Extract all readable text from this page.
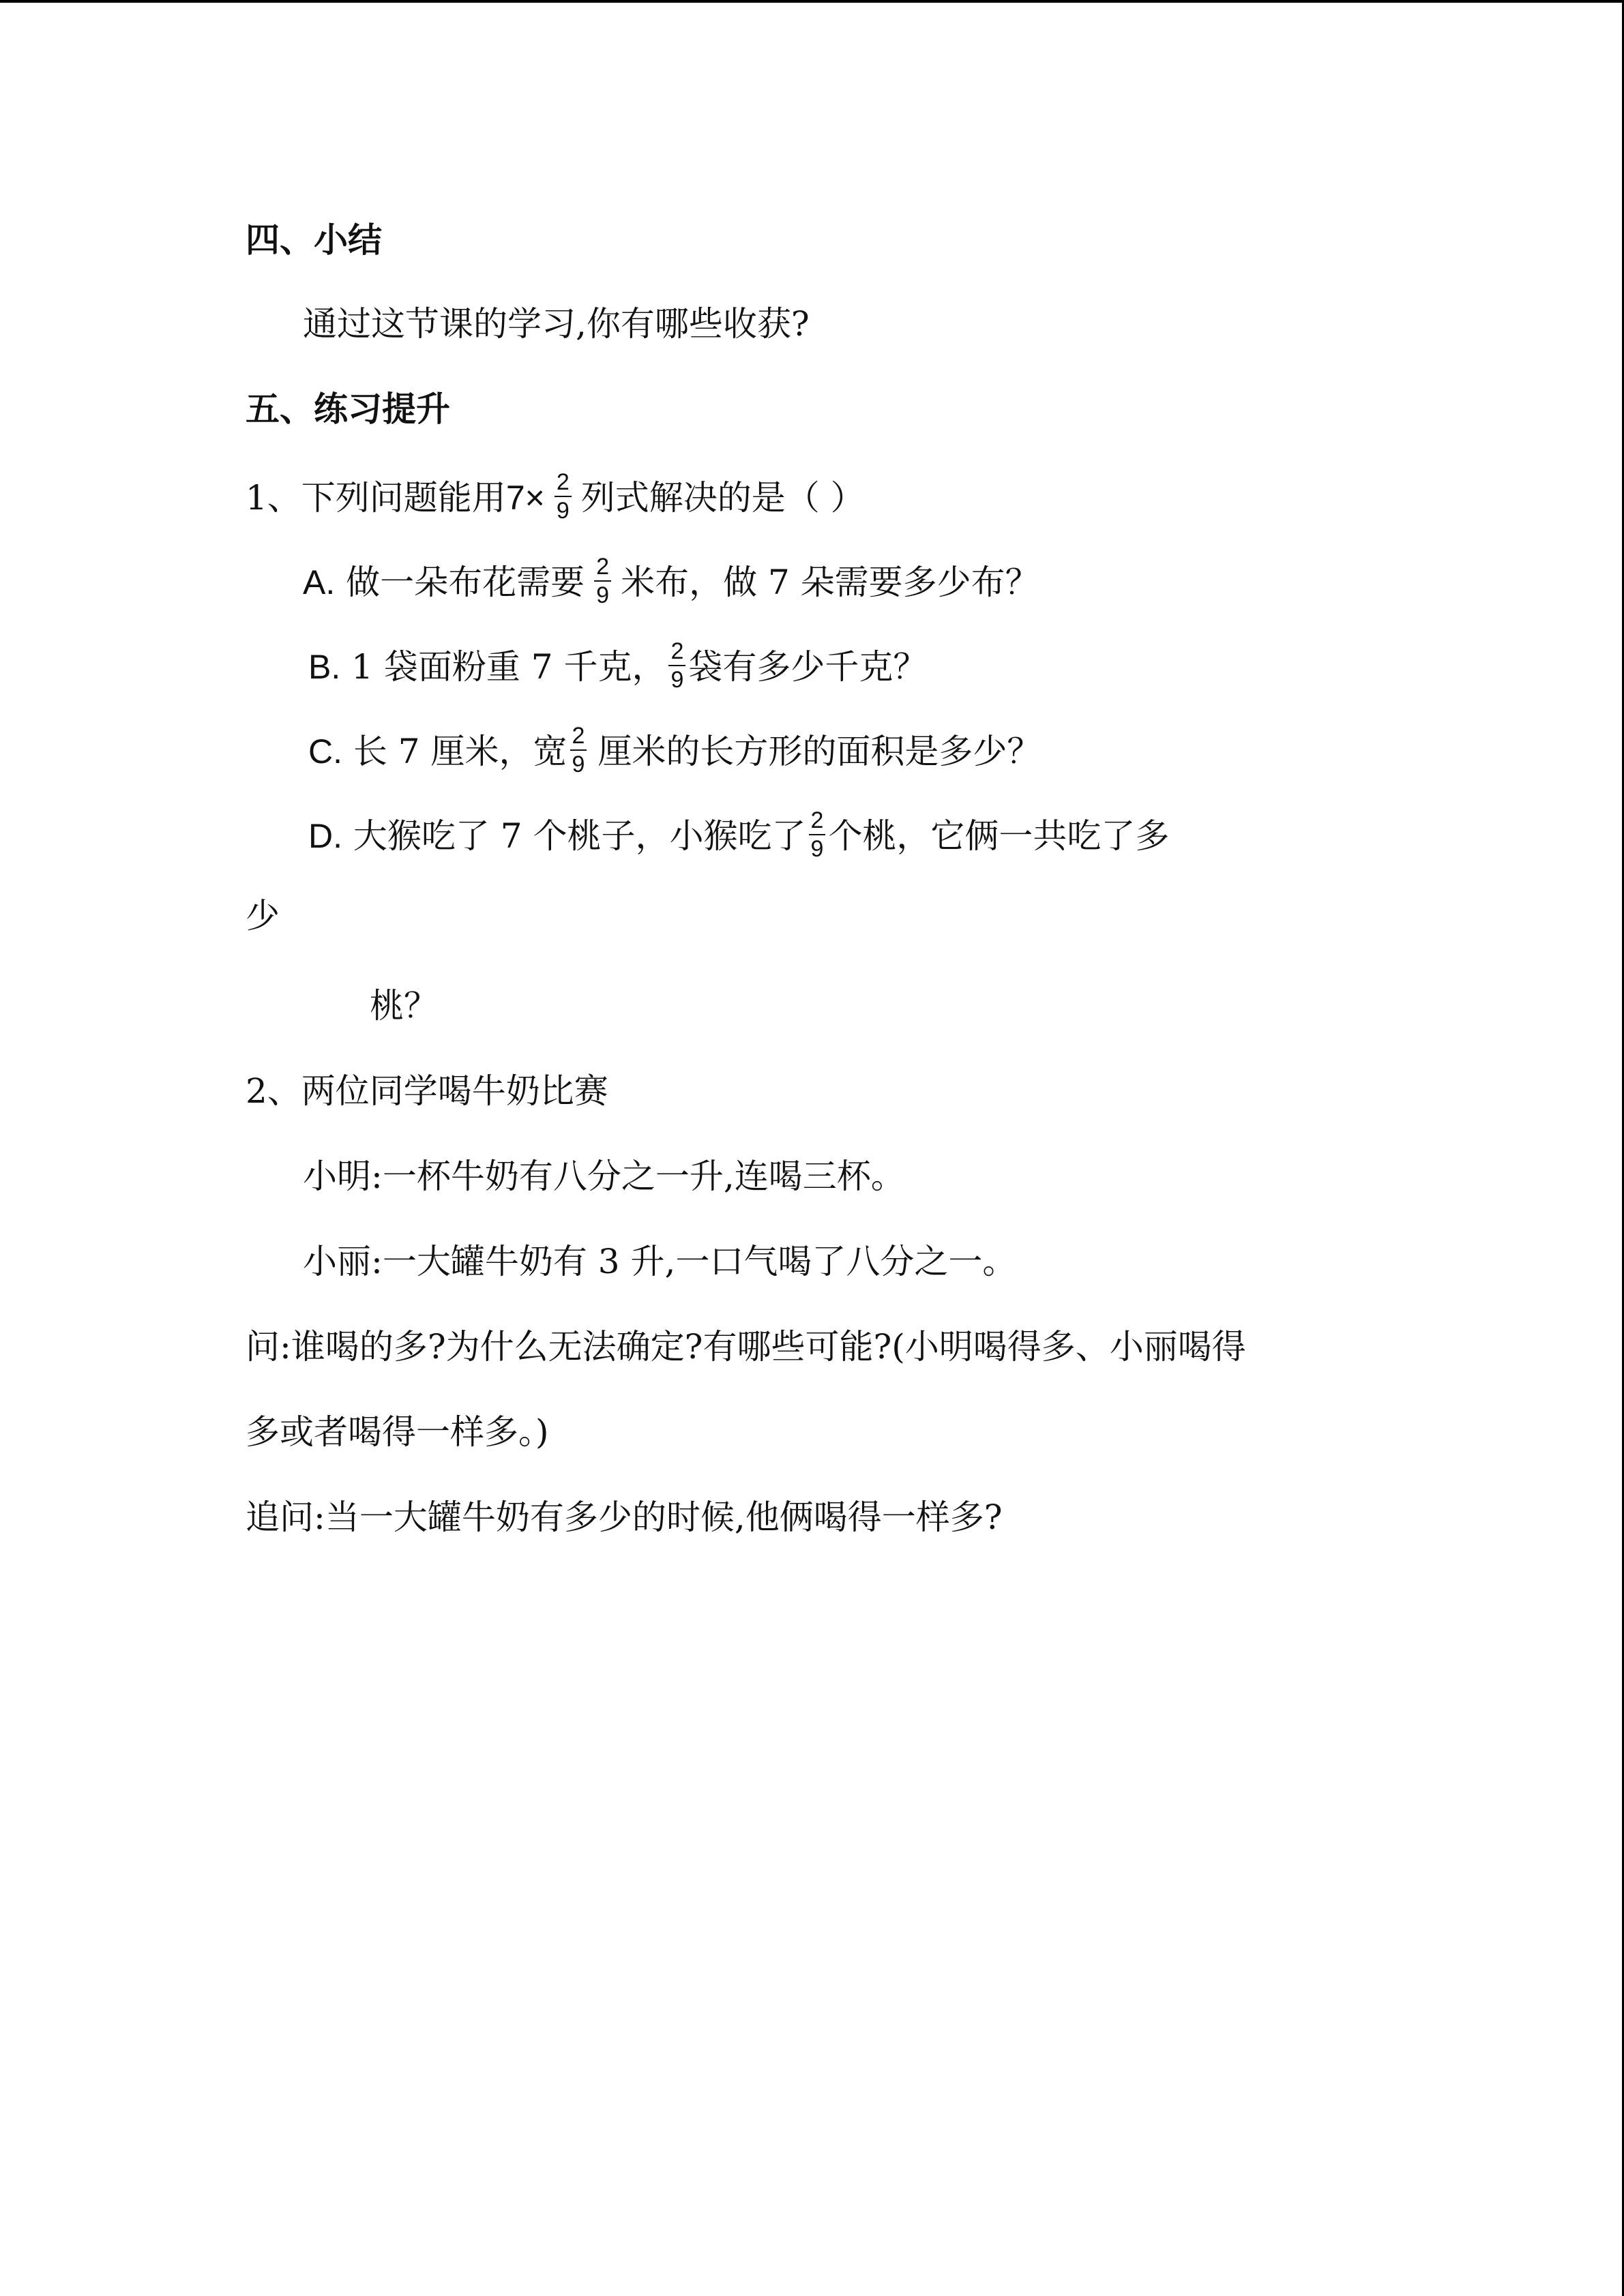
四、小结
通过这节课的学习,你有哪些收获?
五、练习提升
1、下列问题能用$7\times \frac{2}{9}$ 列式解决的是（ ）
A. 做一朵布花需要 $\frac{2}{9}$ 米布，做 7 朵需要多少布？
B. 1 袋面粉重 7 千克， $\frac{2}{9}$ 袋有多少千克？
C. 长 7 厘米，宽 $\frac{2}{9}$ 厘米的长方形的面积是多少？
D. 大猴吃了 7 个桃子，小猴吃了 $\frac{2}{9}$ 个桃，它俩一共吃了多
少
桃？
2、两位同学喝牛奶比赛
小明:一杯牛奶有八分之一升,连喝三杯。
小丽:一大罐牛奶有 3 升,一口气喝了八分之一。
问:谁喝的多?为什么无法确定?有哪些可能?(小明喝得多、小丽喝得
多或者喝得一样多。)
追问:当一大罐牛奶有多少的时候,他俩喝得一样多?
